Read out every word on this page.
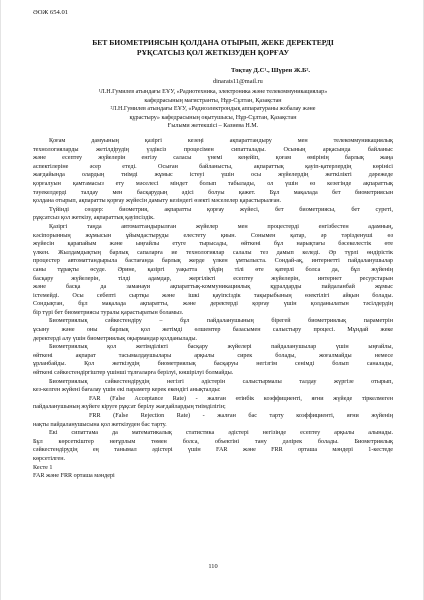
ӘОЖ 654.01
БЕТ БИОМЕТРИЯСЫН ҚОЛДАНА ОТЫРЫП, ЖЕКЕ ДЕРЕКТЕРДІ
РҰҚСАТСЫЗ ҚОЛ ЖЕТКІЗУДЕН ҚОРҒАУ
Тоқтау Д.С¹., Шүрен Ж.Б².
dinarats11@mail.ru
¹Л.Н.Гумилев атындағы ЕҰУ, «Радиотехника, электроника және телекоммуникациялар»
кафедрасының магистранты, Нұр-Сұлтан, Қазақстан
²Л.Н.Гумилев атындағы ЕҰУ, «Радиоэлектрондық аппаратураны жобалау және
құрастыру» кафедрасының оқытушысы, Нұр-Сұлтан, Қазақстан
Ғылыми жетекшісі – Казиева Н.М.
Қоғам дамуының қазіргі кезеңі ақпараттандыру мен телекоммуникациялық
технологияларды жетілдірудің үздіксіз процесімен сипатталады. Осының арқасында байланыс
және есептеу жүйелерін енгізу саласы үнемі кеңейіп, қоғам өмірінің барлық жаңа
аспектілеріне әсер етеді. Осыған байланысты, ақпараттық қауіп-қатерлердің көрінісі
жағдайында олардың тиімді жұмыс істеуі үшін осы жүйелердің жеткілікті дәрежеде
қорғалуын қамтамасыз ету мәселесі міндет болып табылады, ол үшін өз кезегінде ақпараттық
тәуекелдерді талдау мен басқарудың әдісі болуы қажет. Бұл мақалада бет биометриясын
қолдана отырып, ақпаратты қорғау жүйесін дамыту кезіндегі өзекті мәселелер қарастырылған.
Түйінді сөздер: биометрия, ақпаратты қорғау жүйесі, бет биометриясы, бет суреті,
рұқсатсыз қол жеткізу, ақпараттық қауіпсіздік.
Қазіргі таңда автоматтандырылған жүйелер мен процестерді енгізбестен адамның,
кәсіпорынның жұмысын ұйымдастыруды елестету қиын. Сонымен қатар, әр тәрізденуші өз
жүйесін қарапайым және ыңғайлы етуге тырысады, өйткені бұл нарықтағы бәсекелестік өте
үлкен. Жылдамдықтың барлық сапаларға ие технологиялар салалы тез дамып келеді. Әр түрлі өндірістік
процестер автоматтандырыла бастағанда барлық жерде үлкен ұмтылыста. Сондай-ақ, интернетті пайдаланушылар
саны тұрақты өсуде. Әрине, қазіргі уақытта үйдің тілі өте қатерлі болса да, бұл жүйенің
басқару жүйелерін, тілді адамдар, жергілікті есептеу жүйелерін, интернет ресурстарын
және басқа да заманауи ақпараттық-коммуникациялық құралдарды пайдаланбай жұмыс
істемейді. Осы себепті сыртқы және ішкі қауіпсіздік тақырыбының өзектілігі айқын болады.
Сондықтан, бұл мақалада ақпаратты, және деректерді қорғау үшін қолданылатын тәсілдердің
бір түрі бет биометриясы туралы қарастыратын боламыз.
Биометриялық сәйкестендіру – бұл пайдаланушының бірегей биометриялық параметрін
ұсыну және оны барлық қол жетімді өлшемтер базасымен салыстыру процесі. Мұндай жеке
деректерді алу үшін биометриялық оқырмандар қолданылады.
Биометриялық қол жетімділікті басқару жүйелері пайдаланушылар үшін ыңғайлы,
өйткені ақпарат тасымалдаушылары арқылы сирек болады, жоғалмайды немесе
ұрланбайды. Қол жеткізудің биометриялық басқаруы негізгім сенімді болып саналады,
өйткені сәйкестендіргіштер үшінші тұлғаларға берілуі, көшірілуі болмайды.
Биометриялық сәйкестендірудің негізгі әдістерін салыстырмалы талдау жүргізе отырып,
кез-келген жүйені бағалау үшін екі параметр керек екендігі анықталды:
FAR (False Acceptance Rate) - жалған өтінбік коэффициенті, яғни жүйеде тіркелмеген
пайдаланушының жүйеге кіруге рұқсат берілу жағдайлардың тиімділігін;
FRR (False Rejection Rate) - жалған бас тарту коэффициенті, яғни жүйенің
нақты пайдаланушысына қол жеткізуден бас тарту.
Екі сипаттама да математикалық статистика әдістері негізінде есептеу арқылы алынады.
Бұл көрсеткіштер неғұрлым төмен болса, объектіні тану дәлірек болады. Биометриялық
сәйкестендірудің ең танымал әдістері үшін FAR және FRR орташа мәндері 1-кестеде
көрсетілген.
Кесте 1
FAR және FRR орташа мәндері
110
